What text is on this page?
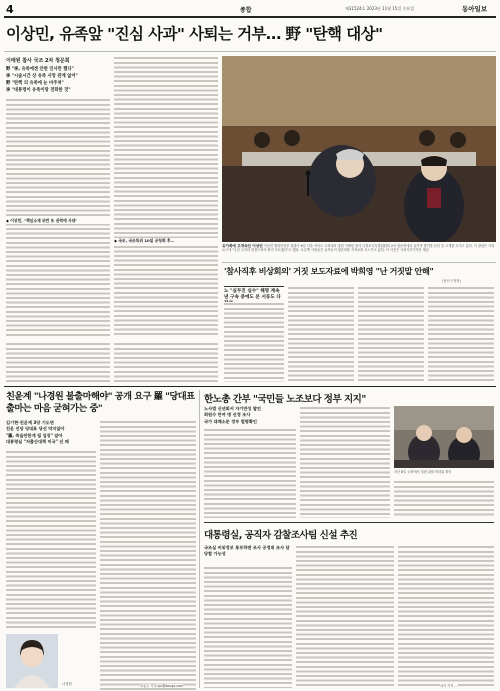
4	종합	제31524호 2023년 11월 15일 수요일	동아일보
이상민, 유족앞 "진심 사과" 사퇴는 거부… 野 "탄핵 대상"
이태원 참사 국조 2차 청문회
野 "李, 유족에겐 안한 인사만 했다"
李 "시술시간 상 유족 사망 관계 없어"
野 "탄핵 의 유족에 눈 마주쳐"
李 "대통령이 유족이랑 전화한 것"
◆ 이상민, "책임소재 위반 또 권력에 사대"
◆ 국조, 국조특위 10일 공청회 후…
유가족에 고개숙인 이상민 이상민 행정안전부 장관이 6일 서울 여의도 국회에서 열린 이태원 참사 국정조사특별위원회 2차 청문회에서 유가족 발언을 듣던 중 고개를 숙이고 있다. 이 장관은 사과 요구에 "우선 무어라 말씀드려야 할지 모르겠다"고 했다. 오른쪽 사람들은 유족들이 청문회를 지켜보며 흐느끼고 있다. 이 사진은 국회사진기자단 제공
'참사직후 비상회의' 거짓 보도자료에 박희영 "난 거짓말 안해"
(용산구청장)
노 "실무진 실수" 해명 계속 낸 구속 중에도 본 서류도 다
친윤계 "나경원 불출마해야" 공개 요구 羅 "당대표 출마는 마음 굳혀가는 중"
김기현·친윤계 3당 기도면
친윤 진당 당대표 당선 막지않아
"羅, 죽을만한게 될 입장" 알아
대통령실 "저출산대책 미국" 선 패
나경원
한노총 간부 "국민들 노조보다 정부 지지"
노사법 신년회서 자기반성 발언
회원수 만여 명 선정 조사
국가 대체소문 정부 법령확인
지난 8일 국회에서 열린 위원 비대위 회의
대통령실, 공직자 감찰조사팀 신설 추진
국조실 비위정보 통보하면 조사 공정위 조사 담당할 가능성
조동주 기자 djc@donga.com	서사 기자 …
